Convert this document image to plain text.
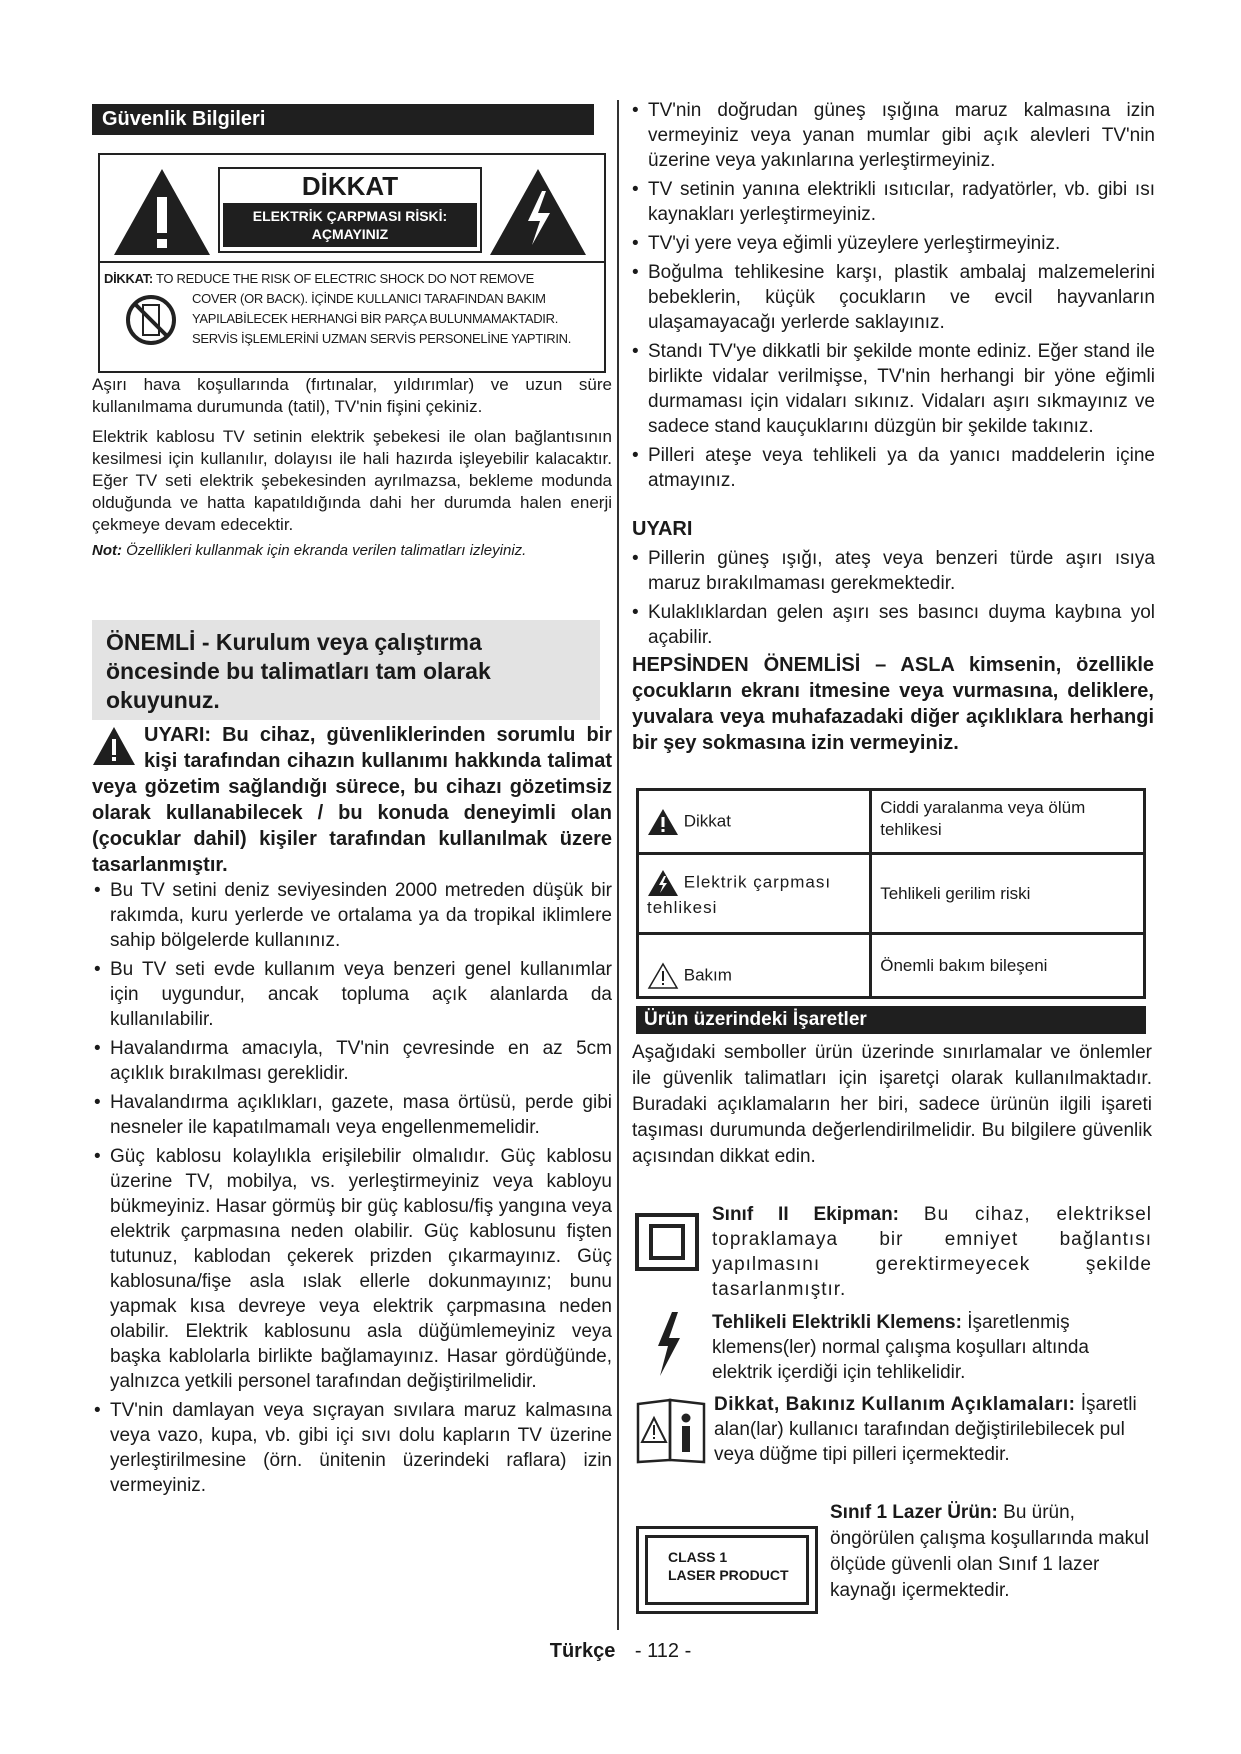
Güvenlik Bilgileri
DİKKAT
ELEKTRİK ÇARPMASI RİSKİ:
AÇMAYINIZ
DİKKAT: TO REDUCE THE RISK OF ELECTRIC SHOCK DO NOT REMOVE
COVER (OR BACK). İÇİNDE KULLANICI TARAFINDAN BAKIM
YAPILABİLECEK HERHANGİ BİR PARÇA BULUNMAMAKTADIR.
SERVİS İŞLEMLERİNİ UZMAN SERVİS PERSONELİNE YAPTIRIN.

Aşırı hava koşullarında (fırtınalar, yıldırımlar) ve uzun süre kullanılmama durumunda (tatil), TV'nin fişini çekiniz.

Elektrik kablosu TV setinin elektrik şebekesi ile olan bağlantısının kesilmesi için kullanılır, dolayısı ile hali hazırda işleyebilir kalacaktır. Eğer TV seti elektrik şebekesinden ayrılmazsa, bekleme modunda olduğunda ve hatta kapatıldığında dahi her durumda halen enerji çekmeye devam edecektir.

Not: Özellikleri kullanmak için ekranda verilen talimatları izleyiniz.

ÖNEMLİ - Kurulum veya çalıştırma öncesinde bu talimatları tam olarak okuyunuz.

UYARI: Bu cihaz, güvenliklerinden sorumlu bir kişi tarafından cihazın kullanımı hakkında talimat veya gözetim sağlandığı sürece, bu cihazı gözetimsiz olarak kullanabilecek / bu konuda deneyimli olan (çocuklar dahil) kişiler tarafından kullanılmak üzere tasarlanmıştır.

• Bu TV setini deniz seviyesinden 2000 metreden düşük bir rakımda, kuru yerlerde ve ortalama ya da tropikal iklimlere sahip bölgelerde kullanınız.
• Bu TV seti evde kullanım veya benzeri genel kullanımlar için uygundur, ancak topluma açık alanlarda da kullanılabilir.
• Havalandırma amacıyla, TV'nin çevresinde en az 5cm açıklık bırakılması gereklidir.
• Havalandırma açıklıkları, gazete, masa örtüsü, perde gibi nesneler ile kapatılmamalı veya engellenmemelidir.
• Güç kablosu kolaylıkla erişilebilir olmalıdır. Güç kablosu üzerine TV, mobilya, vs. yerleştirmeyiniz veya kabloyu bükmeyiniz. Hasar görmüş bir güç kablosu/fiş yangına veya elektrik çarpmasına neden olabilir. Güç kablosunu fişten tutunuz, kablodan çekerek prizden çıkarmayınız. Güç kablosuna/fişe asla ıslak ellerle dokunmayınız; bunu yapmak kısa devreye veya elektrik çarpmasına neden olabilir. Elektrik kablosunu asla düğümlemeyiniz veya başka kablolarla birlikte bağlamayınız. Hasar gördüğünde, yalnızca yetkili personel tarafından değiştirilmelidir.
• TV'nin damlayan veya sıçrayan sıvılara maruz kalmasına veya vazo, kupa, vb. gibi içi sıvı dolu kapların TV üzerine yerleştirilmesine (örn. ünitenin üzerindeki raflara) izin vermeyiniz.
• TV'nin doğrudan güneş ışığına maruz kalmasına izin vermeyiniz veya yanan mumlar gibi açık alevleri TV'nin üzerine veya yakınlarına yerleştirmeyiniz.
• TV setinin yanına elektrikli ısıtıcılar, radyatörler, vb. gibi ısı kaynakları yerleştirmeyiniz.
• TV'yi yere veya eğimli yüzeylere yerleştirmeyiniz.
• Boğulma tehlikesine karşı, plastik ambalaj malzemelerini bebeklerin, küçük çocukların ve evcil hayvanların ulaşamayacağı yerlerde saklayınız.
• Standı TV'ye dikkatli bir şekilde monte ediniz. Eğer stand ile birlikte vidalar verilmişse, TV'nin herhangi bir yöne eğimli durmaması için vidaları sıkınız. Vidaları aşırı sıkmayınız ve sadece stand kauçuklarını düzgün bir şekilde takınız.
• Pilleri ateşe veya tehlikeli ya da yanıcı maddelerin içine atmayınız.
UYARI
• Pillerin güneş ışığı, ateş veya benzeri türde aşırı ısıya maruz bırakılmaması gerekmektedir.
• Kulaklıklardan gelen aşırı ses basıncı duyma kaybına yol açabilir.

HEPSİNDEN ÖNEMLİSİ – ASLA kimsenin, özellikle çocukların ekranı itmesine veya vurmasına, deliklere, yuvalara veya muhafazadaki diğer açıklıklara herhangi bir şey sokmasına izin vermeyiniz.

Dikkat	Ciddi yaralanma veya ölüm tehlikesi
Elektrik çarpması tehlikesi	Tehlikeli gerilim riski
Bakım	Önemli bakım bileşeni
Ürün üzerindeki İşaretler

Aşağıdaki semboller ürün üzerinde sınırlamalar ve önlemler ile güvenlik talimatları için işaretçi olarak kullanılmaktadır. Buradaki açıklamaların her biri, sadece ürünün ilgili işareti taşıması durumunda değerlendirilmelidir. Bu bilgilere güvenlik açısından dikkat edin.

Sınıf II Ekipman: Bu cihaz, elektriksel topraklamaya bir emniyet bağlantısı yapılmasını gerektirmeyecek şekilde tasarlanmıştır.

Tehlikeli Elektrikli Klemens: İşaretlenmiş klemens(ler) normal çalışma koşulları altında elektrik içerdiği için tehlikelidir.

Dikkat, Bakınız Kullanım Açıklamaları: İşaretli alan(lar) kullanıcı tarafından değiştirilebilecek pul veya düğme tipi pilleri içermektedir.

CLASS 1
LASER PRODUCT

Sınıf 1 Lazer Ürün: Bu ürün, öngörülen çalışma koşullarında makul ölçüde güvenli olan Sınıf 1 lazer kaynağı içermektedir.

Türkçe - 112 -
